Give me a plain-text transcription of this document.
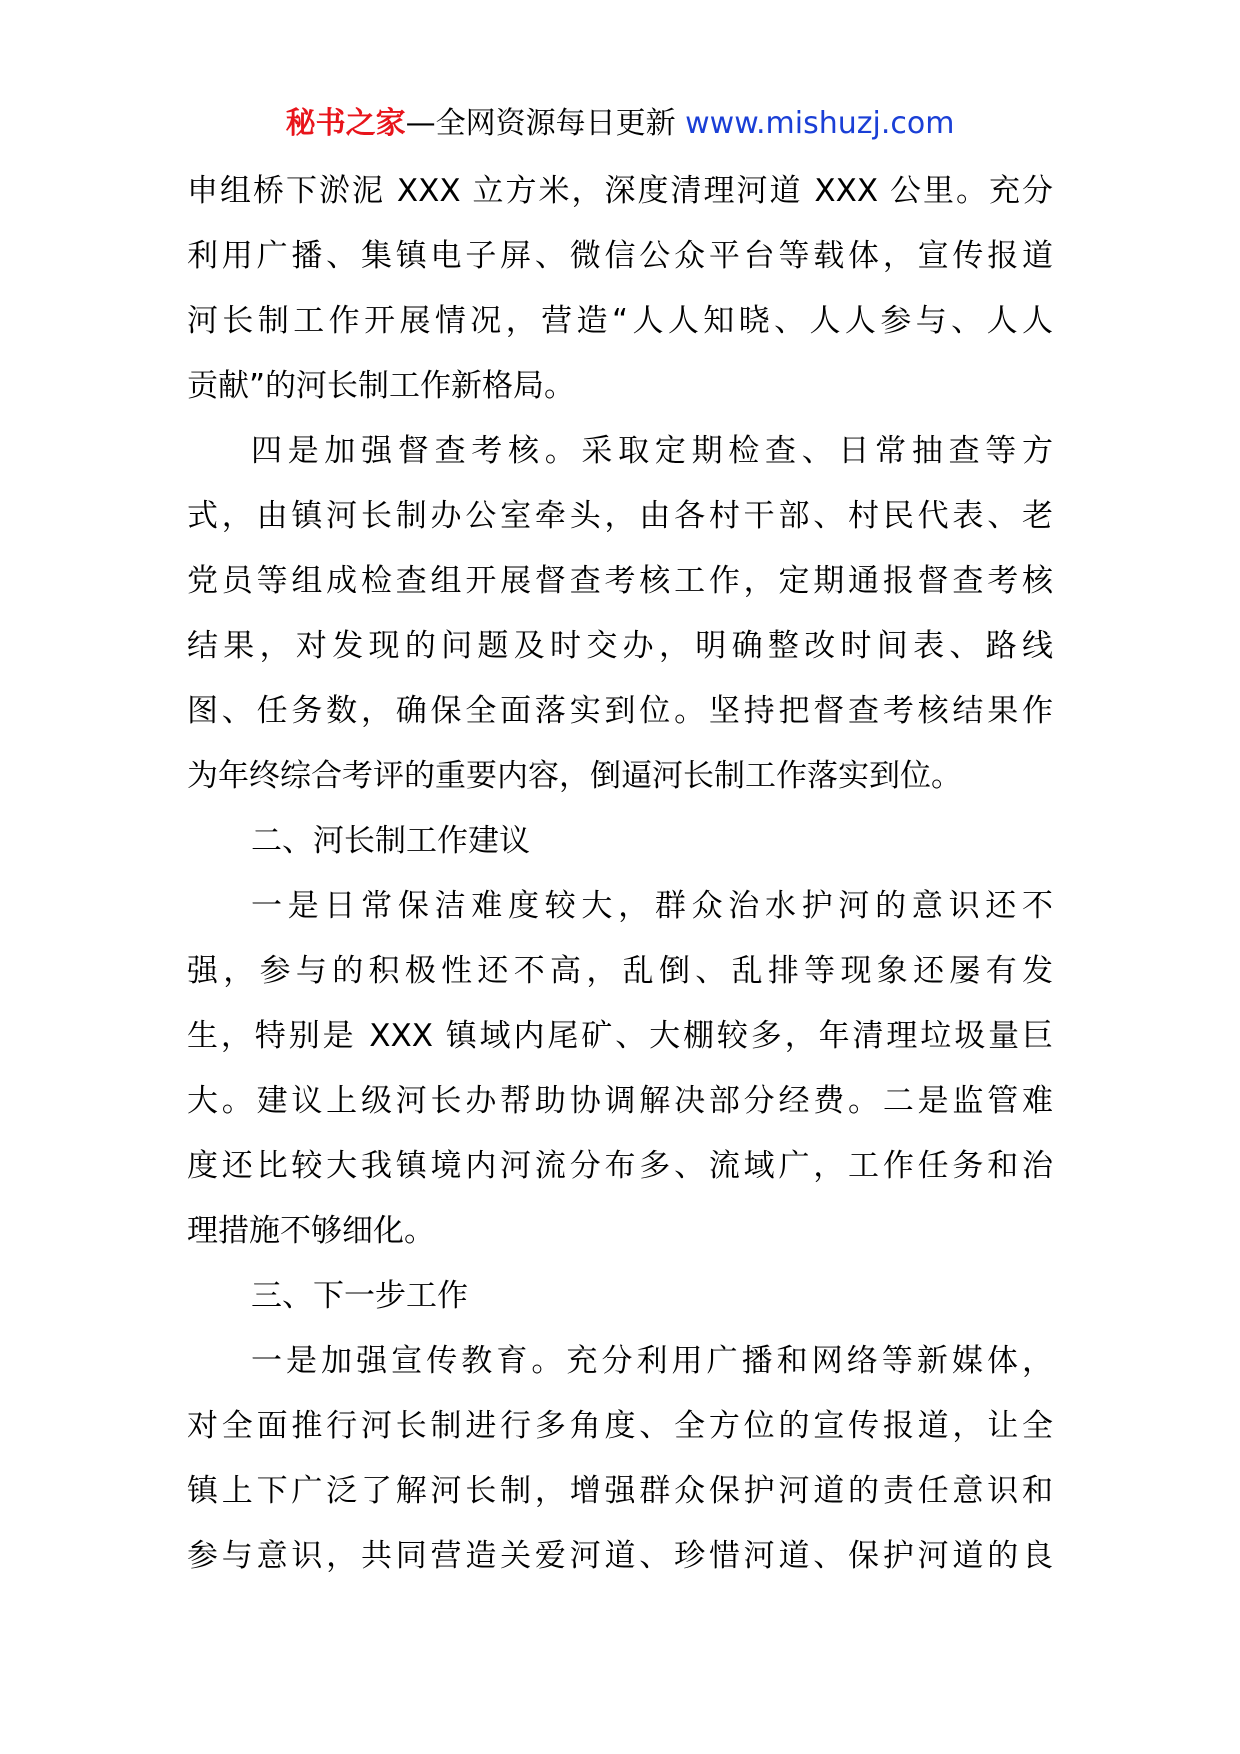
秘书之家—全网资源每日更新 www.mishuzj.com
申组桥下淤泥 XXX 立方米，深度清理河道 XXX 公里。充分
利用广播、集镇电子屏、微信公众平台等载体，宣传报道
河长制工作开展情况，营造“人人知晓、人人参与、人人
贡献”的河长制工作新格局。
四是加强督查考核。采取定期检查、日常抽查等方
式，由镇河长制办公室牵头，由各村干部、村民代表、老
党员等组成检查组开展督查考核工作，定期通报督查考核
结果，对发现的问题及时交办，明确整改时间表、路线
图、任务数，确保全面落实到位。坚持把督查考核结果作
为年终综合考评的重要内容，倒逼河长制工作落实到位。
二、河长制工作建议
一是日常保洁难度较大，群众治水护河的意识还不
强，参与的积极性还不高，乱倒、乱排等现象还屡有发
生，特别是 XXX 镇域内尾矿、大棚较多，年清理垃圾量巨
大。建议上级河长办帮助协调解决部分经费。二是监管难
度还比较大我镇境内河流分布多、流域广，工作任务和治
理措施不够细化。
三、下一步工作
一是加强宣传教育。充分利用广播和网络等新媒体，
对全面推行河长制进行多角度、全方位的宣传报道，让全
镇上下广泛了解河长制，增强群众保护河道的责任意识和
参与意识，共同营造关爱河道、珍惜河道、保护河道的良
